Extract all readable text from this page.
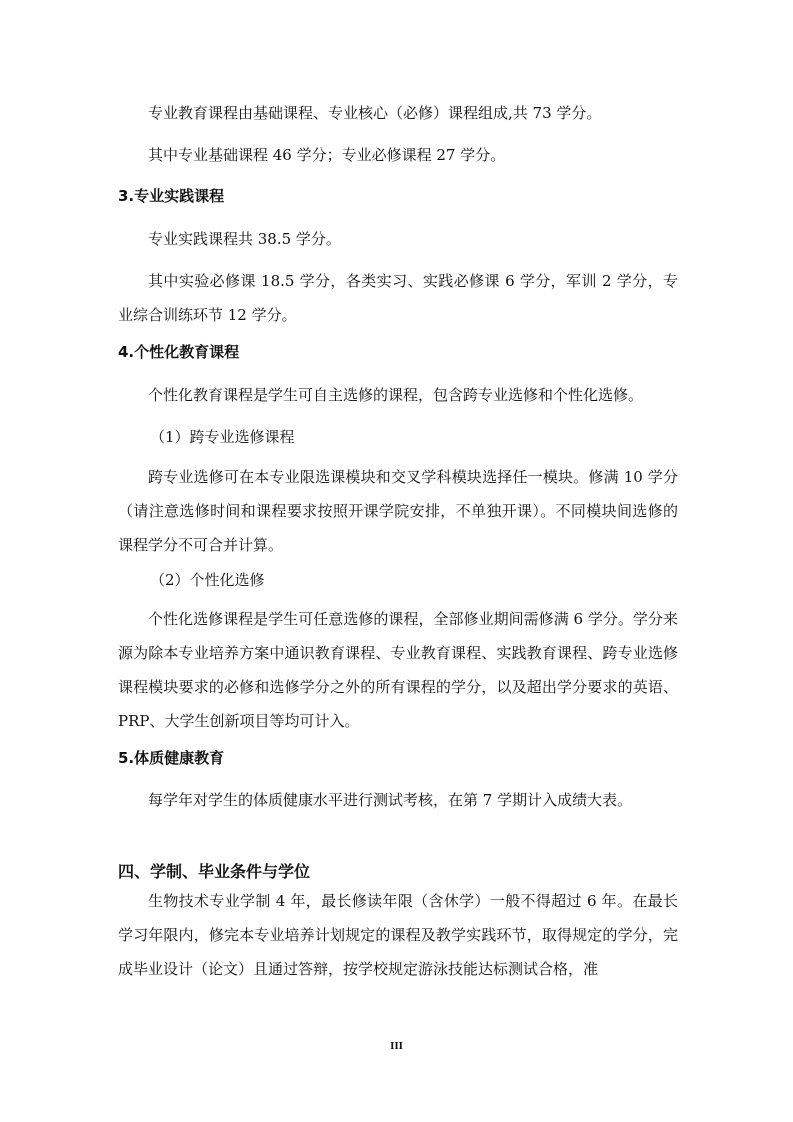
专业教育课程由基础课程、专业核心（必修）课程组成,共 73 学分。

其中专业基础课程 46 学分；专业必修课程 27 学分。

3.专业实践课程

专业实践课程共 38.5 学分。

其中实验必修课 18.5 学分，各类实习、实践必修课 6 学分，军训 2 学分，专业综合训练环节 12 学分。

4.个性化教育课程

个性化教育课程是学生可自主选修的课程，包含跨专业选修和个性化选修。

（1）跨专业选修课程

跨专业选修可在本专业限选课模块和交叉学科模块选择任一模块。修满 10 学分（请注意选修时间和课程要求按照开课学院安排，不单独开课）。不同模块间选修的课程学分不可合并计算。

（2）个性化选修

个性化选修课程是学生可任意选修的课程，全部修业期间需修满 6 学分。学分来源为除本专业培养方案中通识教育课程、专业教育课程、实践教育课程、跨专业选修课程模块要求的必修和选修学分之外的所有课程的学分，以及超出学分要求的英语、PRP、大学生创新项目等均可计入。

5.体质健康教育

每学年对学生的体质健康水平进行测试考核，在第 7 学期计入成绩大表。

四、学制、毕业条件与学位

生物技术专业学制 4 年，最长修读年限（含休学）一般不得超过 6 年。在最长学习年限内，修完本专业培养计划规定的课程及教学实践环节，取得规定的学分，完成毕业设计（论文）且通过答辩，按学校规定游泳技能达标测试合格，准

III
